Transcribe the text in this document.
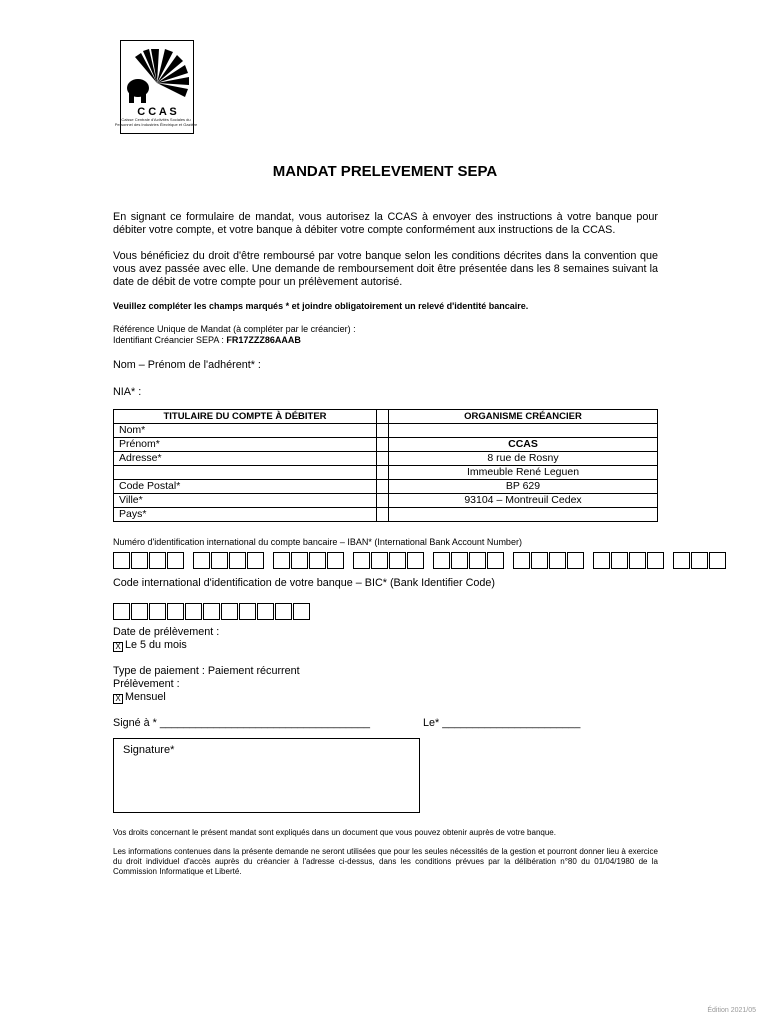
C C A S
Caisse Centrale d'Activités Sociales du Personnel des Industries Électrique et Gazière
MANDAT PRELEVEMENT SEPA
En signant ce formulaire de mandat, vous autorisez la CCAS à envoyer des instructions à votre banque pour débiter votre compte, et votre banque à débiter votre compte conformément aux instructions de la CCAS.
Vous bénéficiez du droit d'être remboursé par votre banque selon les conditions décrites dans la convention que vous avez passée avec elle. Une demande de remboursement doit être présentée dans les 8 semaines suivant la date de débit de votre compte pour un prélèvement autorisé.
Veuillez compléter les champs marqués * et joindre obligatoirement un relevé d'identité bancaire.
Référence Unique de Mandat (à compléter par le créancier) :
Identifiant Créancier SEPA : FR17ZZZ86AAAB
Nom – Prénom de l'adhérent* :
NIA* :
TITULAIRE DU COMPTE À DÉBITER		ORGANISME CRÉANCIER
Nom*		
Prénom*		CCAS
Adresse*		8 rue de Rosny
		Immeuble René Leguen
Code Postal*		BP 629
Ville*		93104 – Montreuil Cedex
Pays*		
Numéro d'identification international du compte bancaire – IBAN* (International Bank Account Number)
Code international d'identification de votre banque – BIC* (Bank Identifier Code)
Date de prélèvement :
X Le 5 du mois
Type de paiement : Paiement récurrent
Prélèvement :
X Mensuel
Signé à * ___________________________________	Le* _______________________
Signature*
Vos droits concernant le présent mandat sont expliqués dans un document que vous pouvez obtenir auprès de votre banque.
Les informations contenues dans la présente demande ne seront utilisées que pour les seules nécessités de la gestion et pourront donner lieu à exercice du droit individuel d'accès auprès du créancier à l'adresse ci-dessus, dans les conditions prévues par la délibération n°80 du 01/04/1980 de la Commission Informatique et Liberté.
Édition 2021/05
